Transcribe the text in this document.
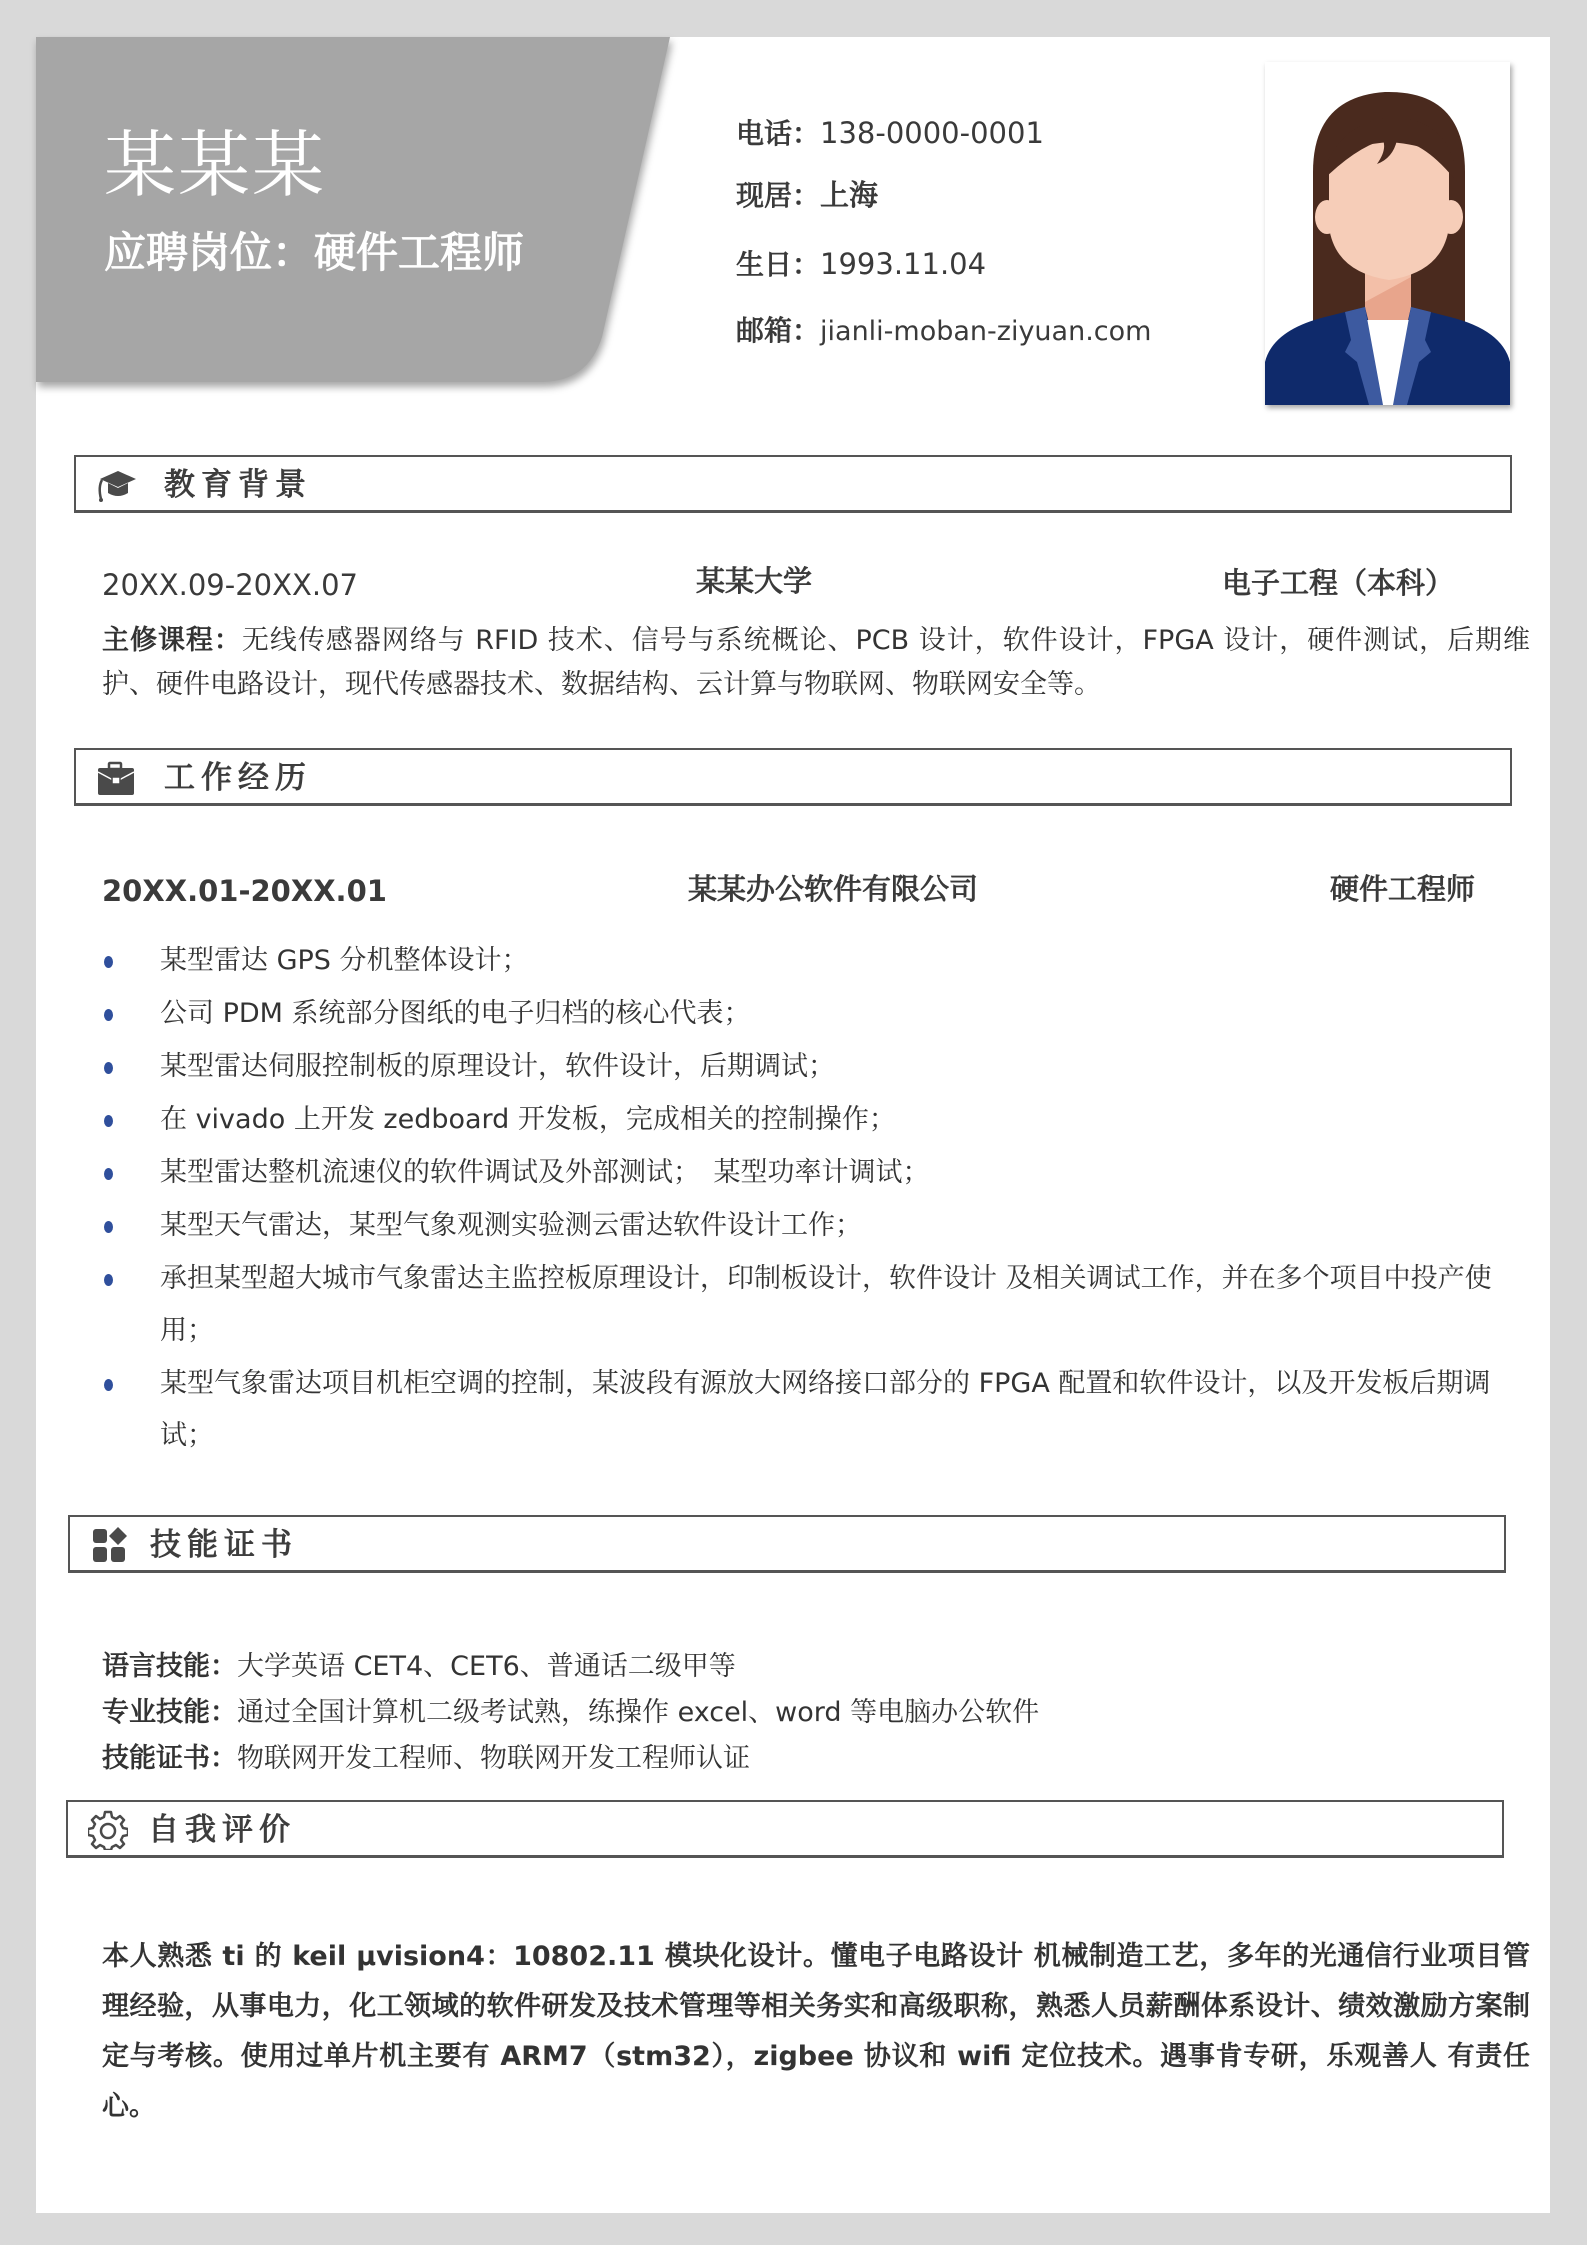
某某某
应聘岗位：硬件工程师
电话：138-0000-0001
现居：上海
生日：1993.11.04
邮箱：jianli-moban-ziyuan.com
教育背景
20XX.09-20XX.07	某某大学	电子工程（本科）
主修课程：无线传感器网络与 RFID 技术、信号与系统概论、PCB 设计，软件设计，FPGA 设计，硬件测试，后期维护、硬件电路设计，现代传感器技术、数据结构、云计算与物联网、物联网安全等。
工作经历
20XX.01-20XX.01	某某办公软件有限公司	硬件工程师
某型雷达 GPS 分机整体设计；
公司 PDM 系统部分图纸的电子归档的核心代表；
某型雷达伺服控制板的原理设计，软件设计，后期调试；
在 vivado 上开发 zedboard 开发板，完成相关的控制操作；
某型雷达整机流速仪的软件调试及外部测试；　某型功率计调试；
某型天气雷达，某型气象观测实验测云雷达软件设计工作；
承担某型超大城市气象雷达主监控板原理设计，印制板设计，软件设计 及相关调试工作，并在多个项目中投产使用；
某型气象雷达项目机柜空调的控制，某波段有源放大网络接口部分的 FPGA 配置和软件设计，以及开发板后期调试；
技能证书
语言技能：大学英语 CET4、CET6、普通话二级甲等
专业技能：通过全国计算机二级考试熟，练操作 excel、word 等电脑办公软件
技能证书：物联网开发工程师、物联网开发工程师认证
自我评价
本人熟悉 ti 的 keil μvision4：10802.11 模块化设计。懂电子电路设计 机械制造工艺，多年的光通信行业项目管理经验，从事电力，化工领域的软件研发及技术管理等相关务实和高级职称，熟悉人员薪酬体系设计、绩效激励方案制定与考核。使用过单片机主要有 ARM7（stm32），zigbee 协议和 wifi 定位技术。遇事肯专研，乐观善人 有责任心。
